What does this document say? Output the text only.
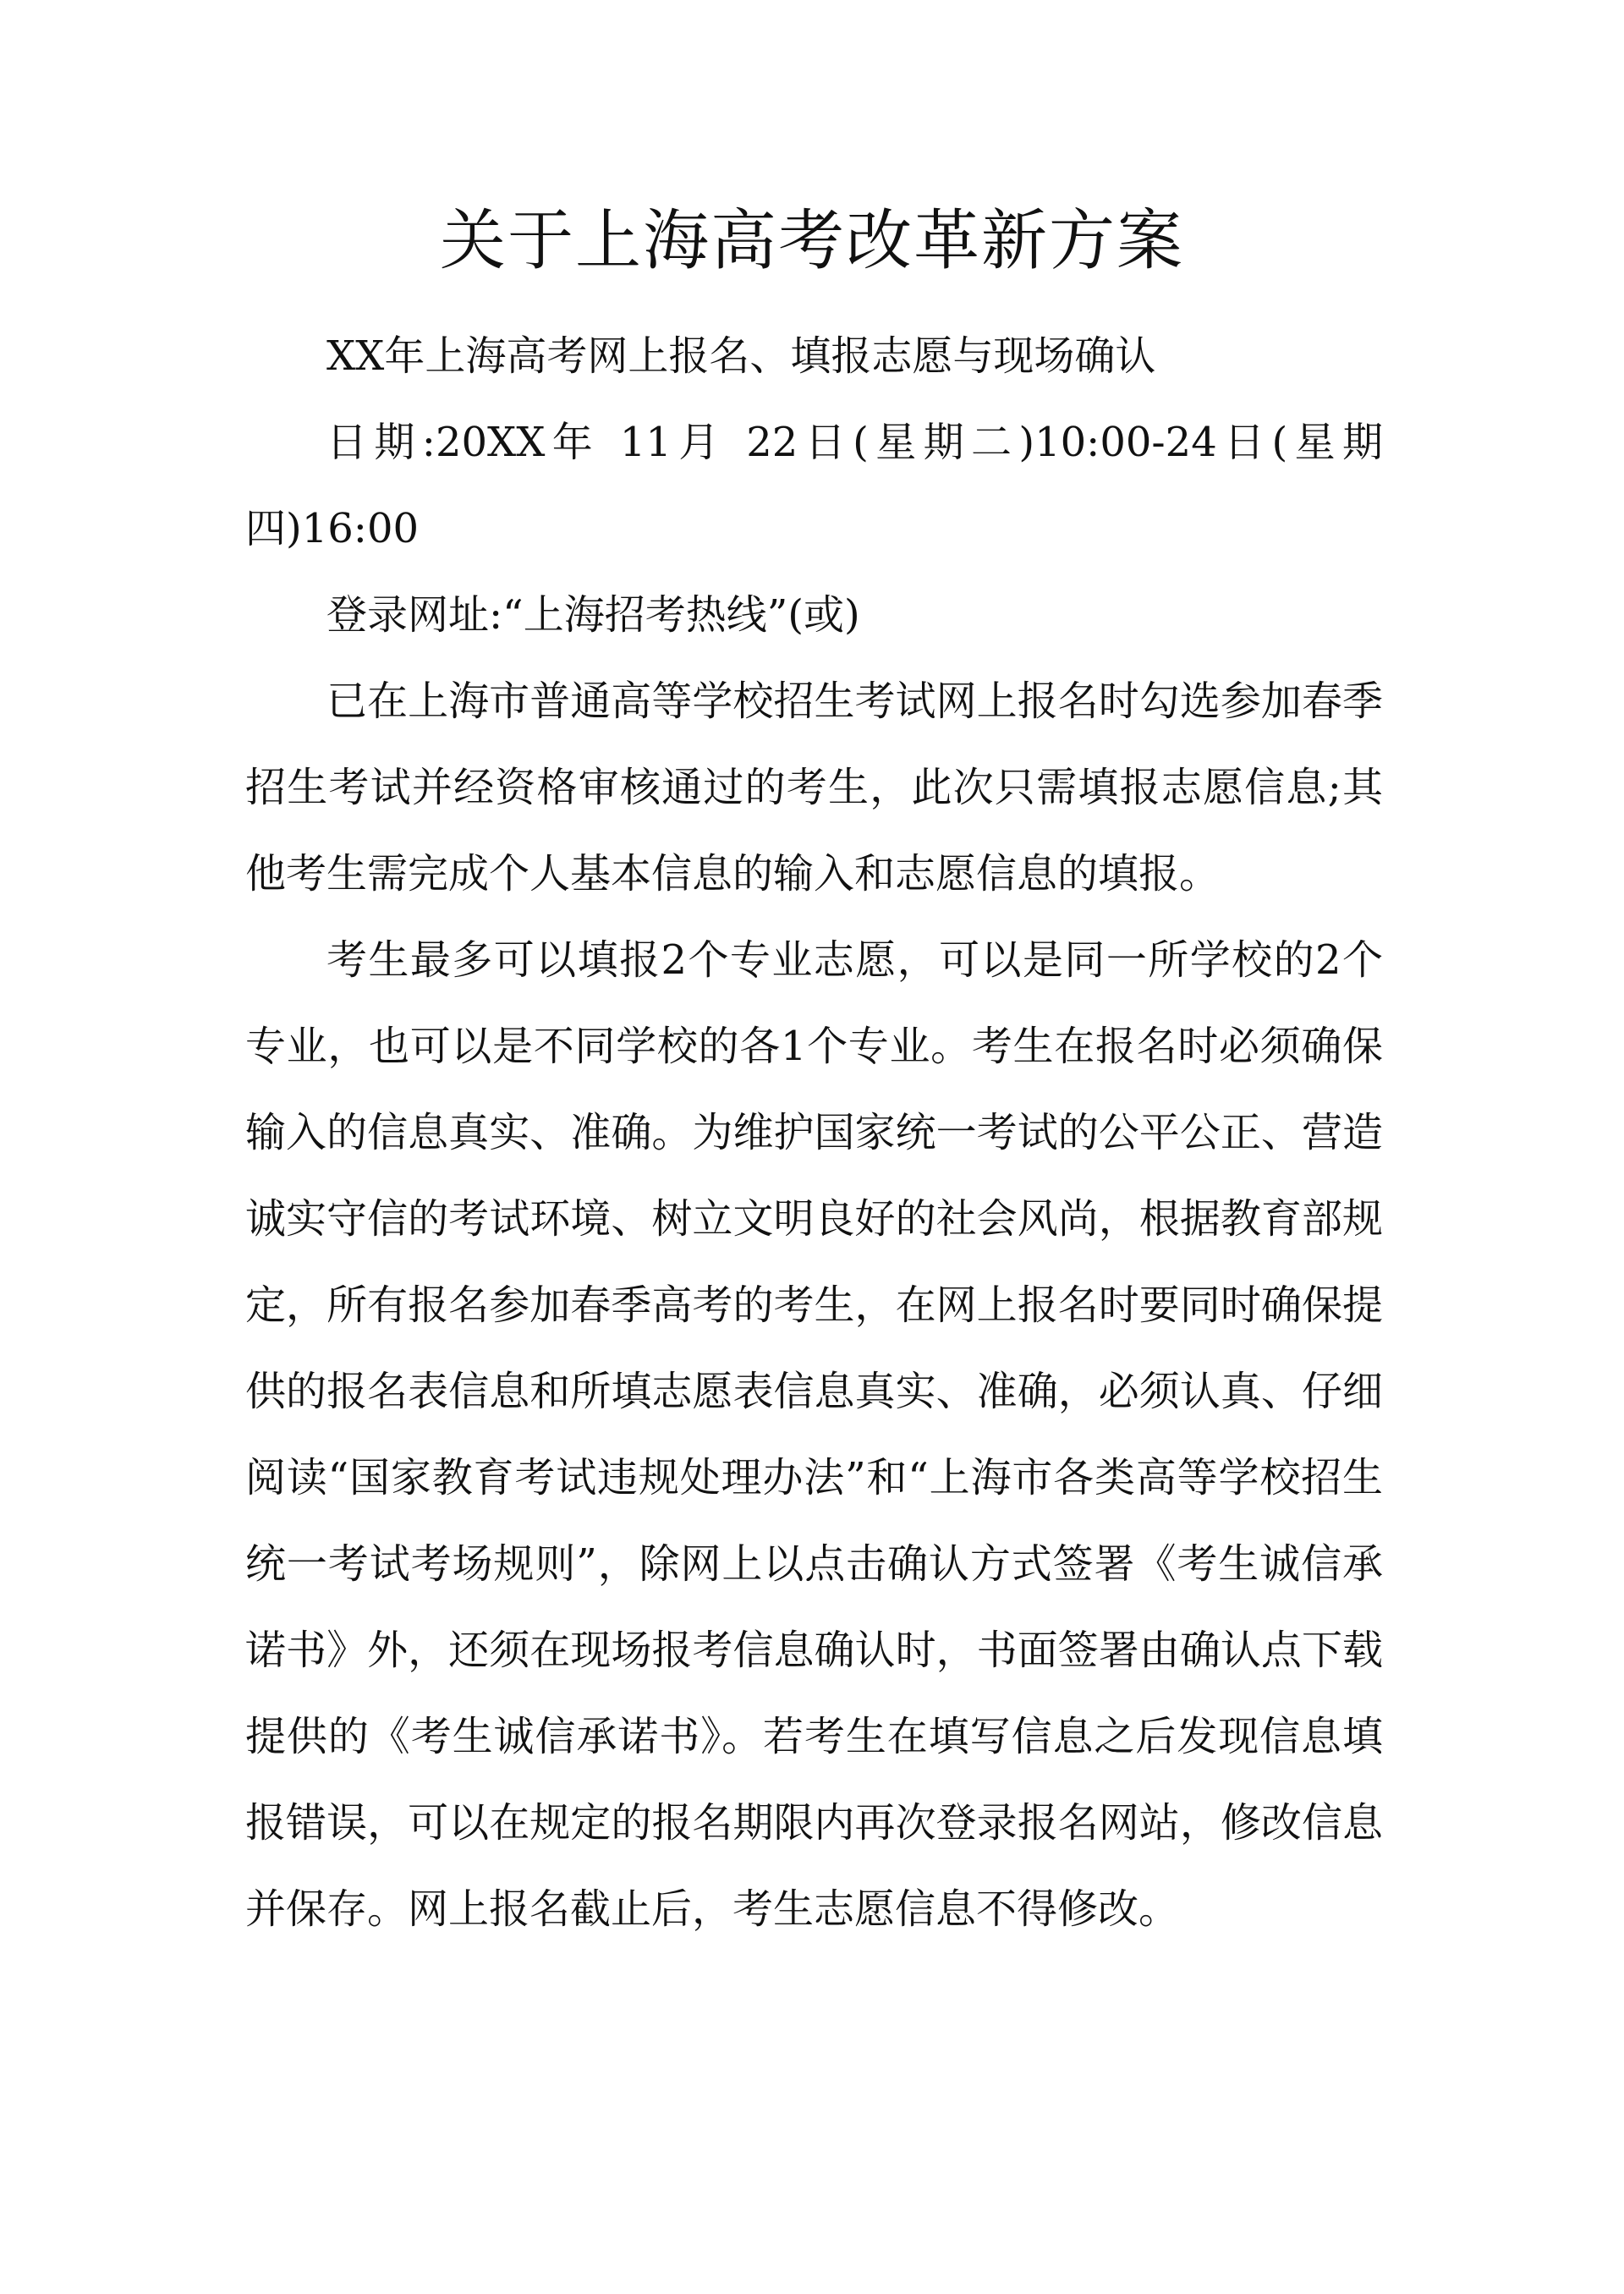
关于上海高考改革新方案

XX年上海高考网上报名、填报志愿与现场确认

日期:20XX年 11月 22日(星期二)10:00-24日(星期四)16:00

登录网址:“上海招考热线”(或)

已在上海市普通高等学校招生考试网上报名时勾选参加春季招生考试并经资格审核通过的考生，此次只需填报志愿信息;其他考生需完成个人基本信息的输入和志愿信息的填报。

考生最多可以填报2个专业志愿，可以是同一所学校的2个专业，也可以是不同学校的各1个专业。考生在报名时必须确保输入的信息真实、准确。为维护国家统一考试的公平公正、营造诚实守信的考试环境、树立文明良好的社会风尚，根据教育部规定，所有报名参加春季高考的考生，在网上报名时要同时确保提供的报名表信息和所填志愿表信息真实、准确，必须认真、仔细阅读“国家教育考试违规处理办法”和“上海市各类高等学校招生统一考试考场规则”，除网上以点击确认方式签署《考生诚信承诺书》外，还须在现场报考信息确认时，书面签署由确认点下载提供的《考生诚信承诺书》。若考生在填写信息之后发现信息填报错误，可以在规定的报名期限内再次登录报名网站，修改信息并保存。网上报名截止后，考生志愿信息不得修改。
